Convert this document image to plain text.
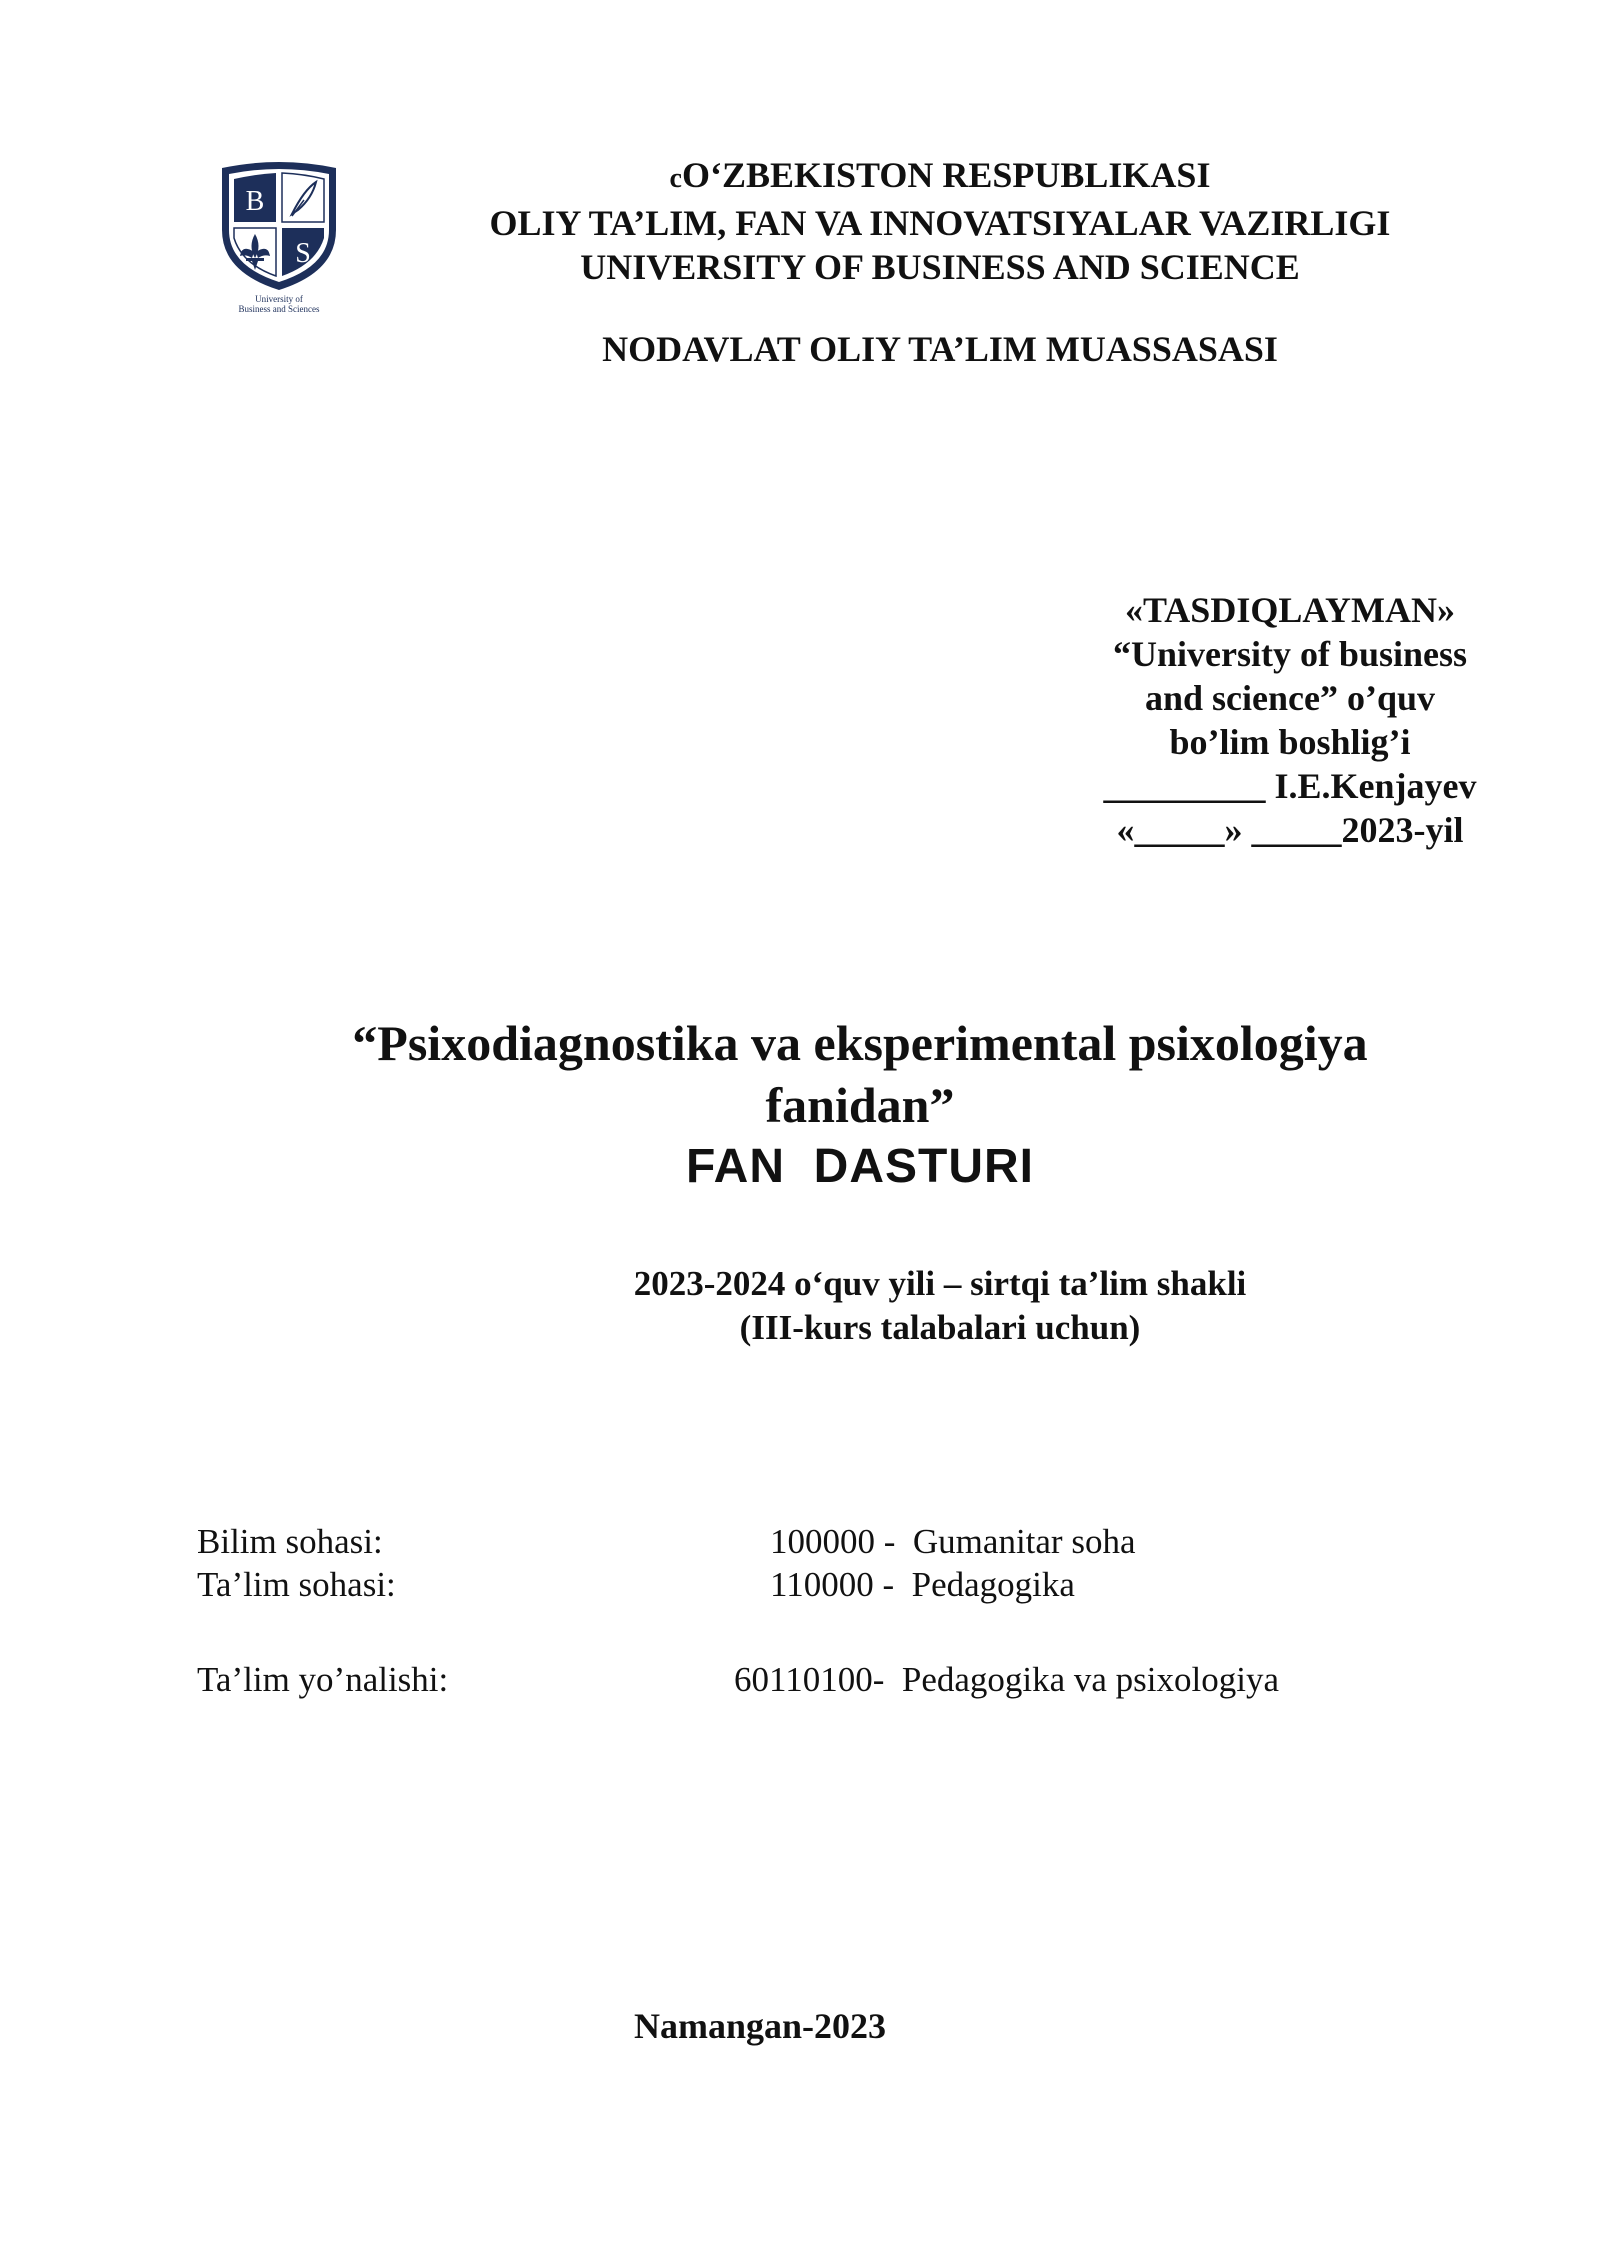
B
S
University of
Business and Sciences
cO‘ZBEKISTON RESPUBLIKASI
OLIY TA’LIM, FAN VA INNOVATSIYALAR VAZIRLIGI
UNIVERSITY OF BUSINESS AND SCIENCE
NODAVLAT OLIY TA’LIM MUASSASASI
«TASDIQLAYMAN»
“University of business
and science” o’quv
bo’lim boshlig’i
_________ I.E.Kenjayev
«_____» _____2023-yil
“Psixodiagnostika va eksperimental psixologiya
fanidan”
FAN  DASTURI
2023-2024 o‘quv yili – sirtqi ta’lim shakli
(III-kurs talabalari uchun)
Bilim sohasi:	100000 -  Gumanitar soha
Ta’lim sohasi:	110000 -  Pedagogika
Ta’lim yo’nalishi:	60110100-  Pedagogika va psixologiya
Namangan-2023
